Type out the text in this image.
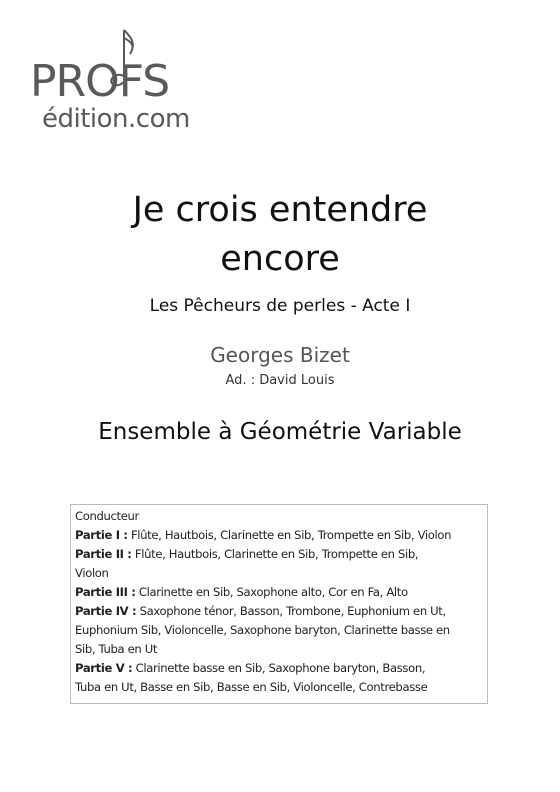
PROFS
édition.com
Je crois entendre
encore
Les Pêcheurs de perles - Acte I
Georges Bizet
Ad. : David Louis
Ensemble à Géométrie Variable
Conducteur
Partie I : Flûte, Hautbois, Clarinette en Sib, Trompette en Sib, Violon
Partie II : Flûte, Hautbois, Clarinette en Sib, Trompette en Sib,
Violon
Partie III : Clarinette en Sib, Saxophone alto, Cor en Fa, Alto
Partie IV : Saxophone ténor, Basson, Trombone, Euphonium en Ut,
Euphonium Sib, Violoncelle, Saxophone baryton, Clarinette basse en
Sib, Tuba en Ut
Partie V : Clarinette basse en Sib, Saxophone baryton, Basson,
Tuba en Ut, Basse en Sib, Basse en Sib, Violoncelle, Contrebasse
